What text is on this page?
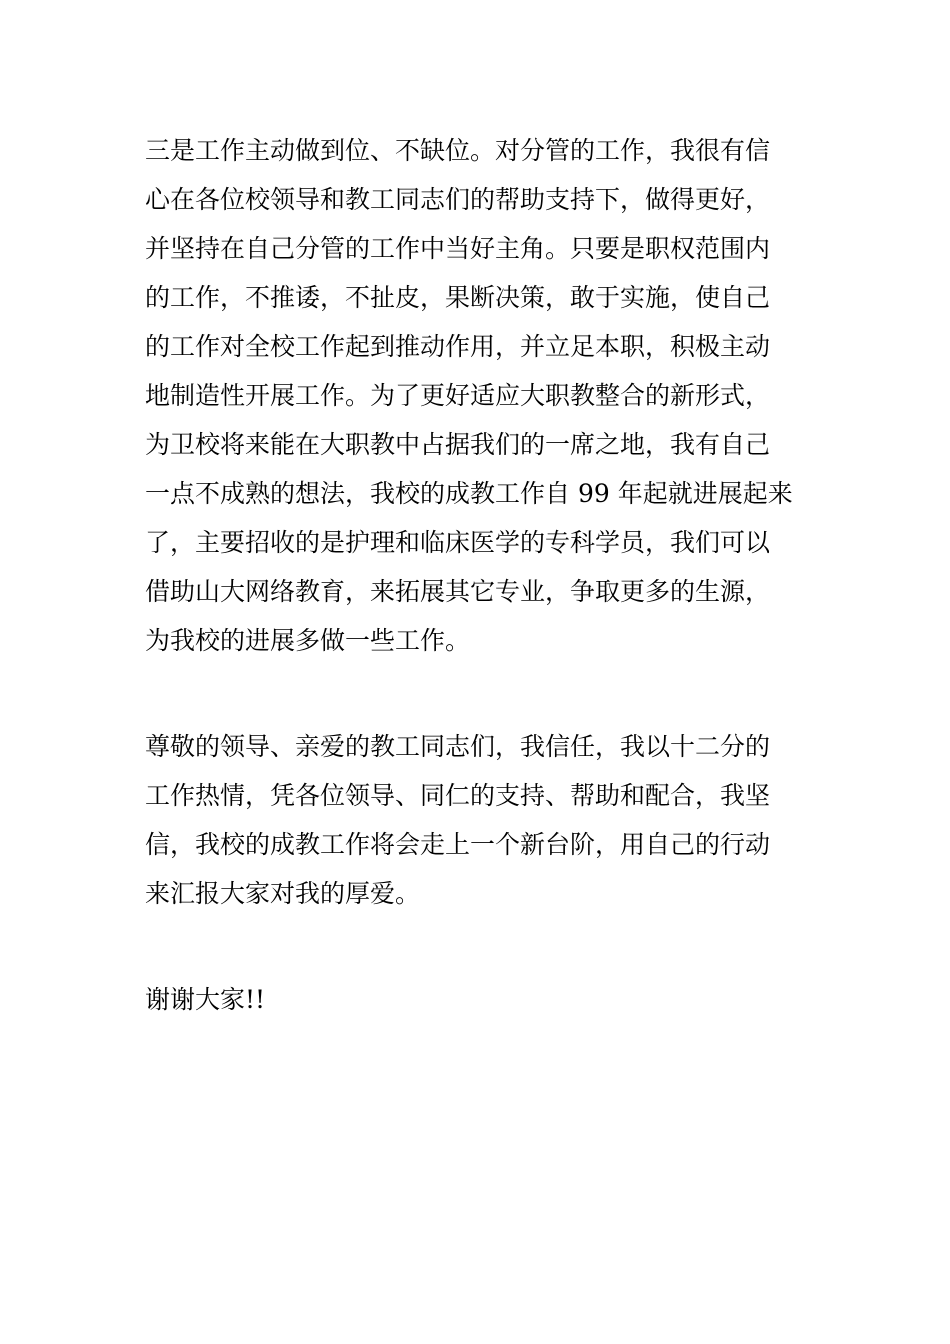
三是工作主动做到位、不缺位。对分管的工作，我很有信
心在各位校领导和教工同志们的帮助支持下，做得更好，
并坚持在自己分管的工作中当好主角。只要是职权范围内
的工作，不推诿，不扯皮，果断决策，敢于实施，使自己
的工作对全校工作起到推动作用，并立足本职，积极主动
地制造性开展工作。为了更好适应大职教整合的新形式，
为卫校将来能在大职教中占据我们的一席之地，我有自己
一点不成熟的想法，我校的成教工作自 99 年起就进展起来
了，主要招收的是护理和临床医学的专科学员，我们可以
借助山大网络教育，来拓展其它专业，争取更多的生源，
为我校的进展多做一些工作。
尊敬的领导、亲爱的教工同志们，我信任，我以十二分的
工作热情，凭各位领导、同仁的支持、帮助和配合，我坚
信，我校的成教工作将会走上一个新台阶，用自己的行动
来汇报大家对我的厚爱。
谢谢大家!!
